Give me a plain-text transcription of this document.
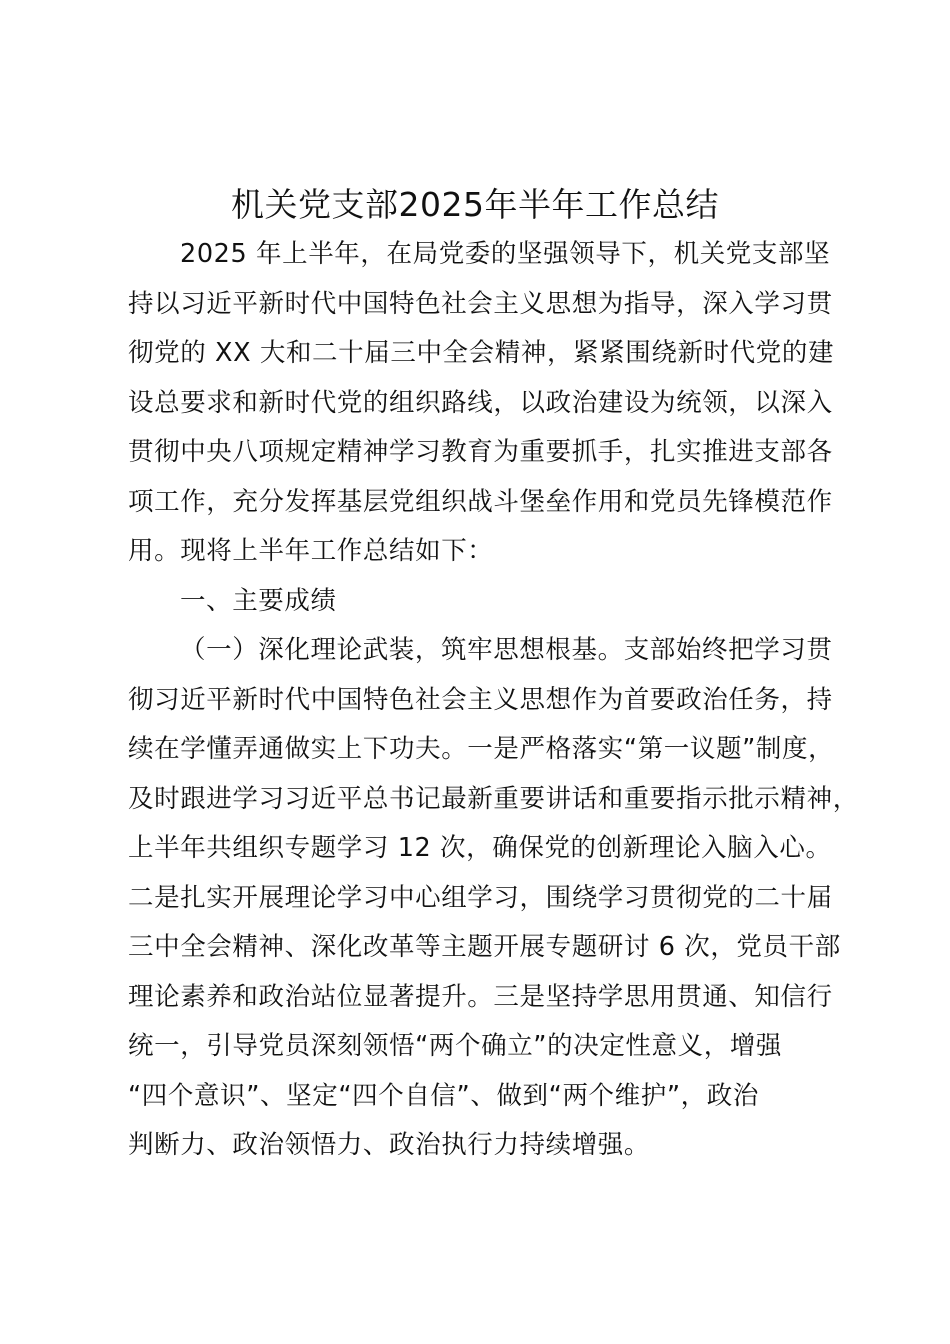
机关党支部2025年半年工作总结
2025 年上半年，在局党委的坚强领导下，机关党支部坚
持以习近平新时代中国特色社会主义思想为指导，深入学习贯
彻党的 XX 大和二十届三中全会精神，紧紧围绕新时代党的建
设总要求和新时代党的组织路线，以政治建设为统领，以深入
贯彻中央八项规定精神学习教育为重要抓手，扎实推进支部各
项工作，充分发挥基层党组织战斗堡垒作用和党员先锋模范作
用。现将上半年工作总结如下：
一、主要成绩
（一）深化理论武装，筑牢思想根基。支部始终把学习贯
彻习近平新时代中国特色社会主义思想作为首要政治任务，持
续在学懂弄通做实上下功夫。一是严格落实“第一议题”制度，
及时跟进学习习近平总书记最新重要讲话和重要指示批示精神，
上半年共组织专题学习 12 次，确保党的创新理论入脑入心。
二是扎实开展理论学习中心组学习，围绕学习贯彻党的二十届
三中全会精神、深化改革等主题开展专题研讨 6 次，党员干部
理论素养和政治站位显著提升。三是坚持学思用贯通、知信行
统一，引导党员深刻领悟“两个确立”的决定性意义，增强
“四个意识”、坚定“四个自信”、做到“两个维护”，政治
判断力、政治领悟力、政治执行力持续增强。
